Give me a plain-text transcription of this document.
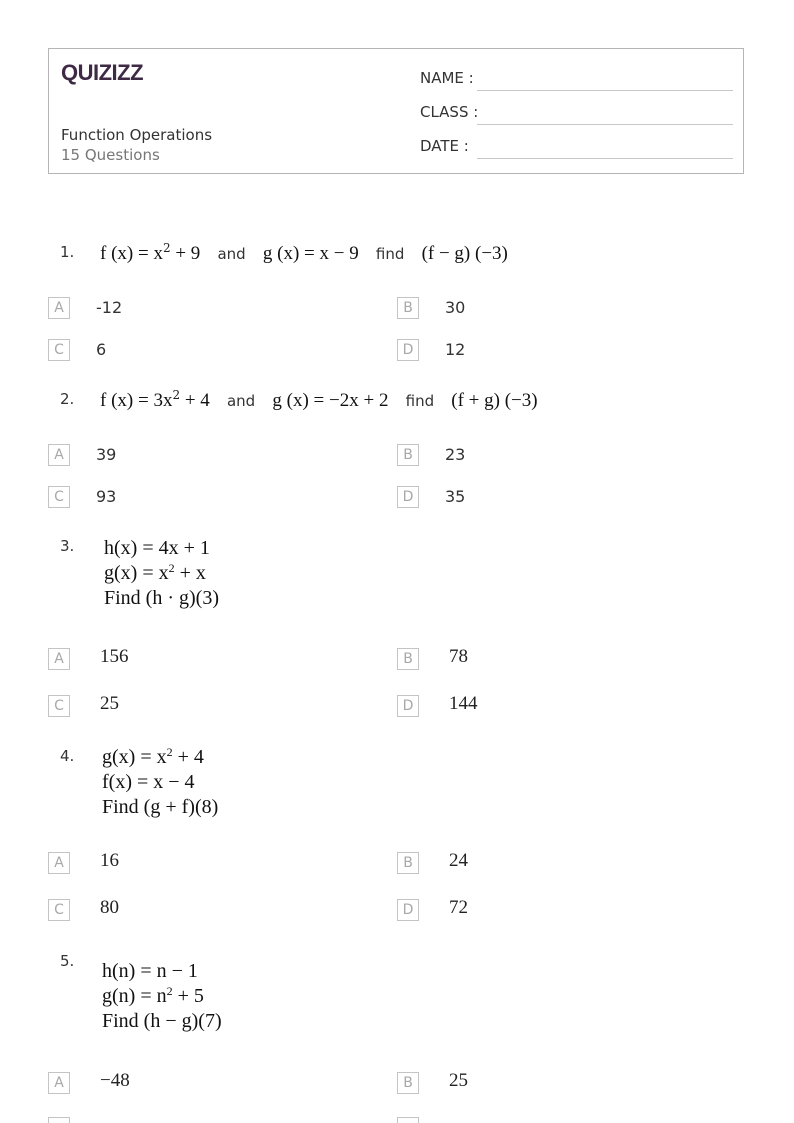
QUIZIZZ
Function Operations
15 Questions
NAME :
CLASS :
DATE :
1. f $(x) = x^2 + 9$ and g (x) = x − 9 find (f − g) (−3)
A	-12	B	30
C	6	D	12
2. f $(x) = 3x^2 + 4$ and g (x) = −2x + 2 find (f + g) (−3)
A	39	B	23
C	93	D	35
3. h(x) = 4x + 1
$g(x) = x^2 + x$
Find (h · g)(3)
A	156	B	78
C	25	D 144
4. $g(x) = x^2 + 4$
f(x) = x − 4
Find (g + f)(8)
A	16	B	24
C	80	D 72
5. h(n) = n − 1
$g(n) = n^2 + 5$
Find (h − g)(7)
A	−48	B	25
